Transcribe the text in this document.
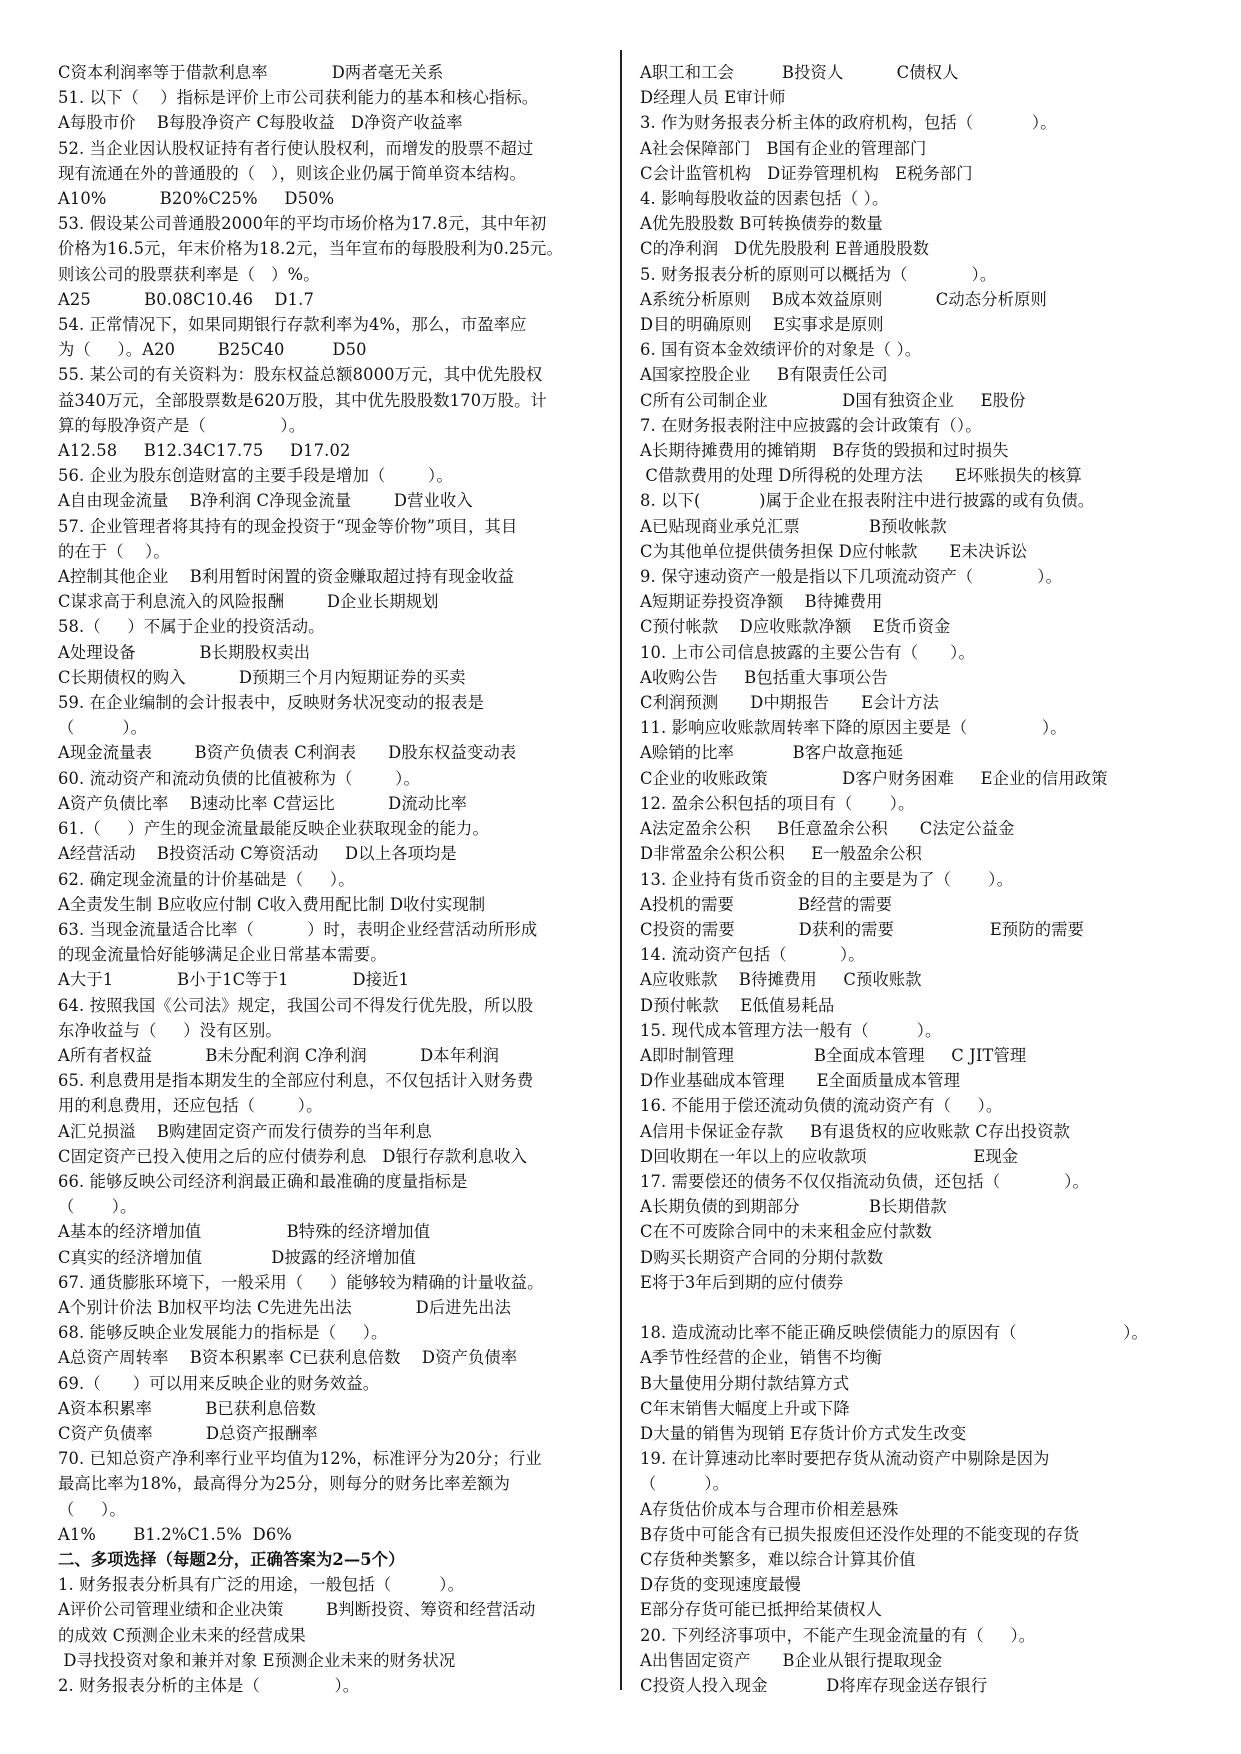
C资本利润率等于借款利息率            D两者毫无关系
51. 以下（    ）指标是评价上市公司获利能力的基本和核心指标。
A每股市价    B每股净资产 C每股收益   D净资产收益率
52. 当企业因认股权证持有者行使认股权利，而增发的股票不超过
现有流通在外的普通股的（   ），则该企业仍属于简单资本结构。
A10%          B20%C25%     D50%
53. 假设某公司普通股2000年的平均市场价格为17.8元，其中年初
价格为16.5元，年末价格为18.2元，当年宣布的每股股利为0.25元。
则该公司的股票获利率是（   ）%。
A25          B0.08C10.46    D1.7
54. 正常情况下，如果同期银行存款利率为4%，那么，市盈率应
为（     ）。A20        B25C40         D50
55. 某公司的有关资料为：股东权益总额8000万元，其中优先股权
益340万元，全部股票数是620万股，其中优先股股数170万股。计
算的每股净资产是（              ）。
A12.58     B12.34C17.75     D17.02
56. 企业为股东创造财富的主要手段是增加（        ）。
A自由现金流量    B净利润 C净现金流量        D营业收入
57. 企业管理者将其持有的现金投资于“现金等价物”项目，其目
的在于（    ）。
A控制其他企业    B利用暂时闲置的资金赚取超过持有现金收益
C谋求高于利息流入的风险报酬        D企业长期规划
58.（     ）不属于企业的投资活动。
A处理设备            B长期股权卖出
C长期债权的购入          D预期三个月内短期证券的买卖
59. 在企业编制的会计报表中，反映财务状况变动的报表是
（         ）。
A现金流量表        B资产负债表 C利润表      D股东权益变动表
60. 流动资产和流动负债的比值被称为（        ）。
A资产负债比率    B速动比率 C营运比          D流动比率
61.（     ）产生的现金流量最能反映企业获取现金的能力。
A经营活动    B投资活动 C筹资活动     D以上各项均是
62. 确定现金流量的计价基础是（     ）。
A全责发生制 B应收应付制 C收入费用配比制 D收付实现制
63. 当现金流量适合比率（          ）时，表明企业经营活动所形成
的现金流量恰好能够满足企业日常基本需要。
A大于1            B小于1C等于1            D接近1
64. 按照我国《公司法》规定，我国公司不得发行优先股，所以股
东净收益与（     ）没有区别。
A所有者权益          B未分配利润 C净利润          D本年利润
65. 利息费用是指本期发生的全部应付利息，不仅包括计入财务费
用的利息费用，还应包括（        ）。
A汇兑损溢    B购建固定资产而发行债券的当年利息
C固定资产已投入使用之后的应付债券利息   D银行存款利息收入
66. 能够反映公司经济利润最正确和最准确的度量指标是
（       ）。
A基本的经济增加值                B特殊的经济增加值
C真实的经济增加值             D披露的经济增加值
67. 通货膨胀环境下，一般采用（     ）能够较为精确的计量收益。
A个别计价法 B加权平均法 C先进先出法            D后进先出法
68. 能够反映企业发展能力的指标是（     ）。
A总资产周转率    B资本积累率 C已获利息倍数    D资产负债率
69.（      ）可以用来反映企业的财务效益。
A资本积累率          B已获利息倍数
C资产负债率          D总资产报酬率
70. 已知总资产净利率行业平均值为12%，标准评分为20分；行业
最高比率为18%，最高得分为25分，则每分的财务比率差额为
（     ）。
A1%       B1.2%C1.5%  D6%
二、多项选择（每题2分，正确答案为2—5个）
1. 财务报表分析具有广泛的用途，一般包括（         ）。
A评价公司管理业绩和企业决策        B判断投资、筹资和经营活动
的成效 C预测企业未来的经营成果
D寻找投资对象和兼并对象 E预测企业未来的财务状况
2. 财务报表分析的主体是（              ）。
A职工和工会         B投资人          C债权人
D经理人员 E审计师
3. 作为财务报表分析主体的政府机构，包括（           ）。
A社会保障部门   B国有企业的管理部门
C会计监管机构   D证券管理机构   E税务部门
4. 影响每股收益的因素包括（ ）。
A优先股股数 B可转换债券的数量
C的净利润   D优先股股利 E普通股股数
5. 财务报表分析的原则可以概括为（            ）。
A系统分析原则    B成本效益原则          C动态分析原则
D目的明确原则    E实事求是原则
6. 国有资本金效绩评价的对象是（ ）。
A国家控股企业     B有限责任公司
C所有公司制企业              D国有独资企业     E股份
7. 在财务报表附注中应披露的会计政策有（）。
A长期待摊费用的摊销期   B存货的毁损和过时损失
C借款费用的处理 D所得税的处理方法      E坏账损失的核算
8. 以下(           )属于企业在报表附注中进行披露的或有负债。
A已贴现商业承兑汇票             B预收帐款
C为其他单位提供债务担保 D应付帐款      E未决诉讼
9. 保守速动资产一般是指以下几项流动资产（            ）。
A短期证券投资净额    B待摊费用
C预付帐款    D应收账款净额    E货币资金
10. 上市公司信息披露的主要公告有（      ）。
A收购公告     B包括重大事项公告
C利润预测      D中期报告      E会计方法
11. 影响应收账款周转率下降的原因主要是（              ）。
A赊销的比率           B客户故意拖延
C企业的收账政策              D客户财务困难     E企业的信用政策
12. 盈余公积包括的项目有（       ）。
A法定盈余公积     B任意盈余公积      C法定公益金
D非常盈余公积公积     E一般盈余公积
13. 企业持有货币资金的目的主要是为了（       ）。
A投机的需要            B经营的需要
C投资的需要            D获利的需要                  E预防的需要
14. 流动资产包括（          ）。
A应收账款    B待摊费用     C预收账款
D预付帐款    E低值易耗品
15. 现代成本管理方法一般有（         ）。
A即时制管理               B全面成本管理     C JIT管理
D作业基础成本管理      E全面质量成本管理
16. 不能用于偿还流动负债的流动资产有（     ）。
A信用卡保证金存款     B有退货权的应收账款 C存出投资款
D回收期在一年以上的应收款项                    E现金
17. 需要偿还的债务不仅仅指流动负债，还包括（            ）。
A长期负债的到期部分             B长期借款
C在不可废除合同中的未来租金应付款数
D购买长期资产合同的分期付款数
E将于3年后到期的应付债券
18. 造成流动比率不能正确反映偿债能力的原因有（                    ）。
A季节性经营的企业，销售不均衡
B大量使用分期付款结算方式
C年末销售大幅度上升或下降
D大量的销售为现销 E存货计价方式发生改变
19. 在计算速动比率时要把存货从流动资产中剔除是因为
（         ）。
A存货估价成本与合理市价相差悬殊
B存货中可能含有已损失报废但还没作处理的不能变现的存货
C存货种类繁多，难以综合计算其价值
D存货的变现速度最慢
E部分存货可能已抵押给某债权人
20. 下列经济事项中，不能产生现金流量的有（     ）。
A出售固定资产      B企业从银行提取现金
C投资人投入现金           D将库存现金送存银行
